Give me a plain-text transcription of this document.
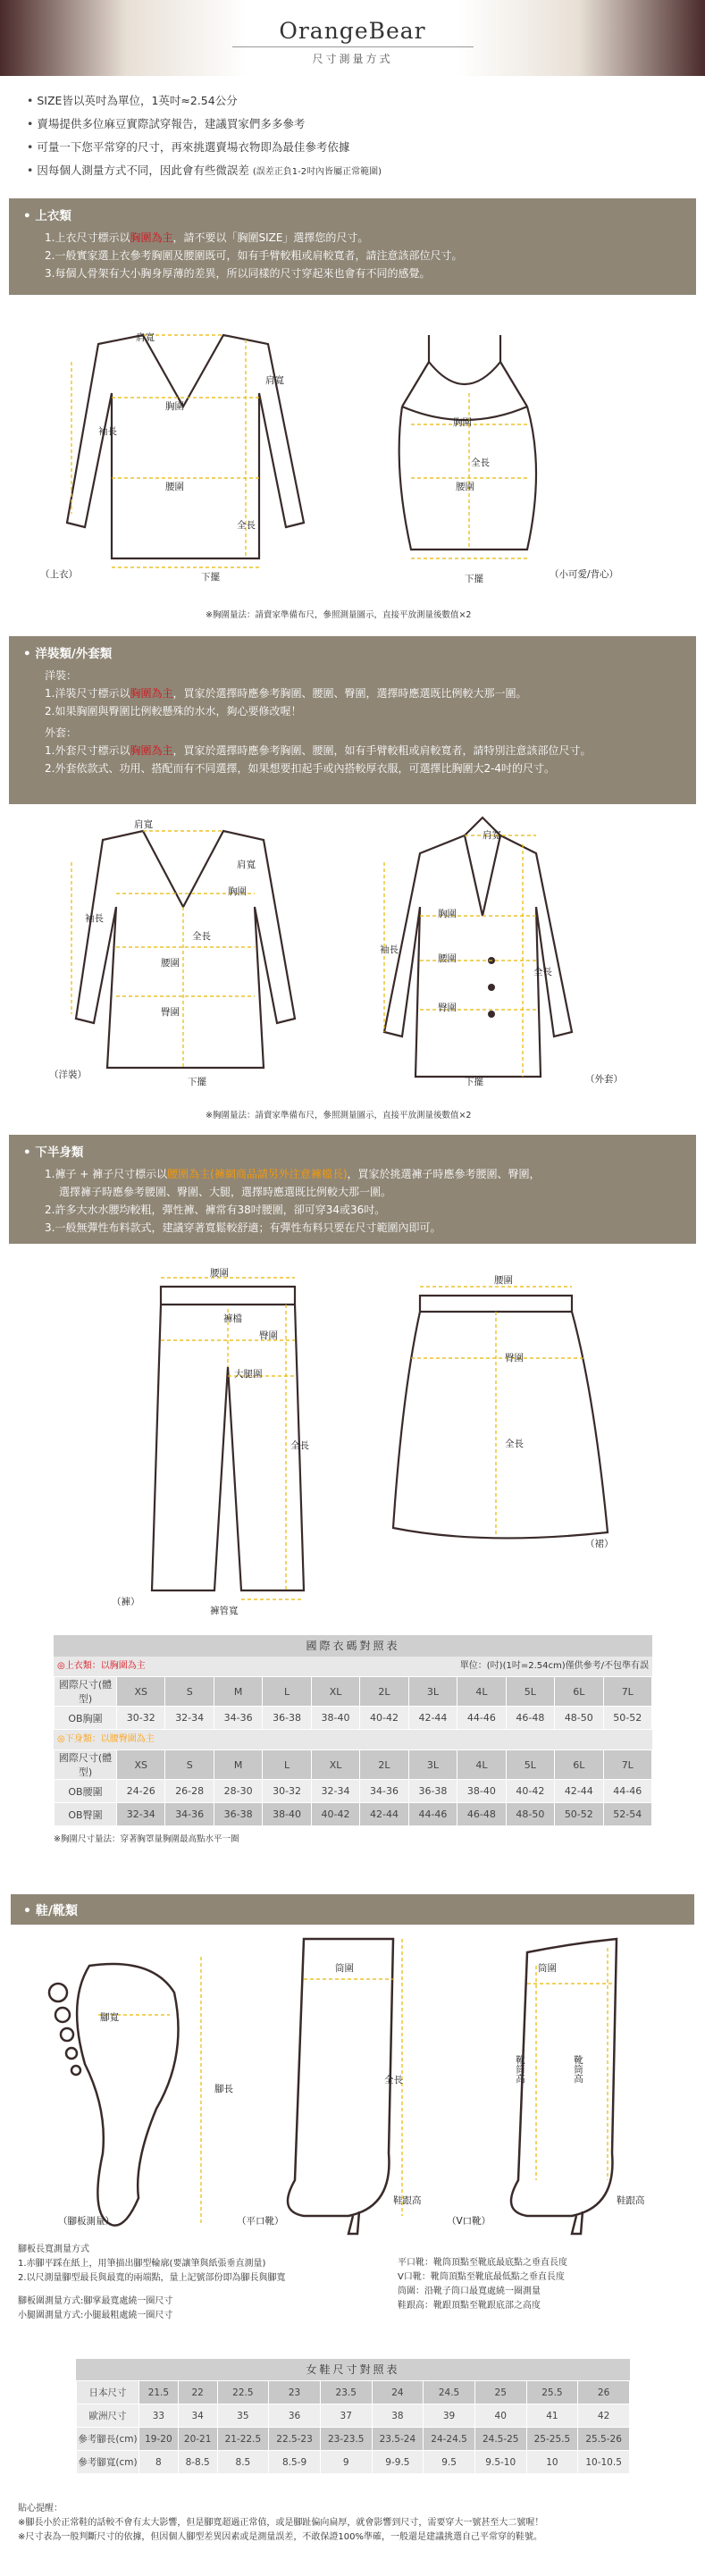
OrangeBear
尺寸測量方式
• SIZE皆以英吋為單位，1英吋≈2.54公分
• 賣場提供多位麻豆實際試穿報告，建議買家們多多參考
• 可量一下您平常穿的尺寸，再來挑選賣場衣物即為最佳參考依據
• 因每個人測量方式不同，因此會有些微誤差 (誤差正負1-2吋內皆屬正常範圍)
• 上衣類
1.上衣尺寸標示以胸圍為主，請不要以「胸圍SIZE」選擇您的尺寸。
2.一般實家選上衣參考胸圍及腰圍既可，如有手臂較粗或肩較寬者，請注意該部位尺寸。
3.每個人骨架有大小胸身厚薄的差異，所以同樣的尺寸穿起來也會有不同的感覺。
肩寬
肩寬
胸圍
袖長
腰圍
全長
下擺
胸圍
全長
腰圍
下擺
（上衣）	（小可愛/背心）
※胸圍量法：請賣家準備布尺，參照測量圖示，直接平放測量後數值×2
• 洋裝類/外套類
洋裝：
1.洋裝尺寸標示以胸圍為主，買家於選擇時應參考胸圍、腰圍、臀圍，選擇時應選既比例較大那一圍。
2.如果胸圍與臀圍比例較懸殊的水水，夠心要修改喔！
外套：
1.外套尺寸標示以胸圍為主，買家於選擇時應參考胸圍、腰圍，如有手臂較粗或肩較寬者，請特別注意該部位尺寸。
2.外套依款式、功用、搭配而有不同選擇，如果想要扣起手或內搭較厚衣服，可選擇比胸圍大2-4吋的尺寸。
肩寬
肩寬
胸圍
袖長
全長
腰圍
臀圍
下擺
肩寬
胸圍
袖長
全長
腰圍
臀圍
下擺
（洋裝）	（外套）
※胸圍量法：請賣家準備布尺，參照測量圖示，直接平放測量後數值×2
• 下半身類
1.褲子 + 褲子尺寸標示以腰圍為主(褲網商品請另外注意褲檔長)，買家於挑選褲子時應參考腰圍、臀圍，
選擇褲子時應參考腰圍、臀圍、大腿，選擇時應選既比例較大那一圍。
2.許多大水水腰均較粗，彈性褲、褲常有38吋腰圍，卻可穿34或36吋。
3.一般無彈性布料款式，建議穿著寬鬆較舒適；有彈性布料只要在尺寸範圍內即可。
腰圍
褲檔
臀圍
大腿圍
全長
褲管寬
腰圍
臀圍
全長
（褲）
（裙）
國際衣碼對照表
◎上衣類：以胸圍為主	單位：(吋)(1吋=2.54cm)僅供參考/不包準有誤
國際尺寸(體型)	XS	S	M	L	XL	2L	3L	4L	5L	6L	7L
OB胸圍	30-32	32-34	34-36	36-38	38-40	40-42	42-44	44-46	46-48	48-50	50-52
◎下身類：以腰臀圍為主
國際尺寸(體型)	XS	S	M	L	XL	2L	3L	4L	5L	6L	7L
OB腰圍	24-26	26-28	28-30	30-32	32-34	34-36	36-38	38-40	40-42	42-44	44-46
OB臀圍	32-34	34-36	36-38	38-40	40-42	42-44	44-46	46-48	48-50	50-52	52-54
※胸圍尺寸量法：穿著胸罩量胸圍最高點水平一圈
• 鞋/靴類
腳寬
腳長
筒圍
全長
鞋跟高
筒圍
靴筒高	靴筒高
鞋跟高
（腳板測量）	（平口靴）	（V口靴）
腳板長寬測量方式
1.赤腳平踩在紙上，用筆描出腳型輪廓(要讓筆與紙張垂直測量)
2.以尺測量腳型最長與最寬的兩端點，量上記號部份即為腳長與腳寬
腳板圍測量方式:腳掌最寬處繞一圈尺寸
小腿圍測量方式:小腿最粗處繞一圈尺寸
平口靴：靴筒頂點至靴底最底點之垂直長度
V口靴：靴筒頂點至靴底最低點之垂直長度
筒圍：沿靴子筒口最寬處繞一圈測量
鞋跟高：靴跟頂點至靴跟底部之高度
女鞋尺寸對照表
日本尺寸	21.5	22	22.5	23	23.5	24	24.5	25	25.5	26
歐洲尺寸	33	34	35	36	37	38	39	40	41	42
參考腳長(cm)	19-20	20-21	21-22.5	22.5-23	23-23.5	23.5-24	24-24.5	24.5-25	25-25.5	25.5-26
參考腳寬(cm)	8	8-8.5	8.5	8.5-9	9	9-9.5	9.5	9.5-10	10	10-10.5
貼心提醒：
※腳長小於正常鞋的話較不會有太大影響，但是腳寬超過正常值，或是腳趾偏向扁厚，就會影響到尺寸，需要穿大一號甚至大二號喔！
※尺寸表為一般判斷尺寸的依據，但因個人腳型差異因素或是測量誤差，不敢保證100%準確，一般還是建議挑選自己平常穿的鞋號。
